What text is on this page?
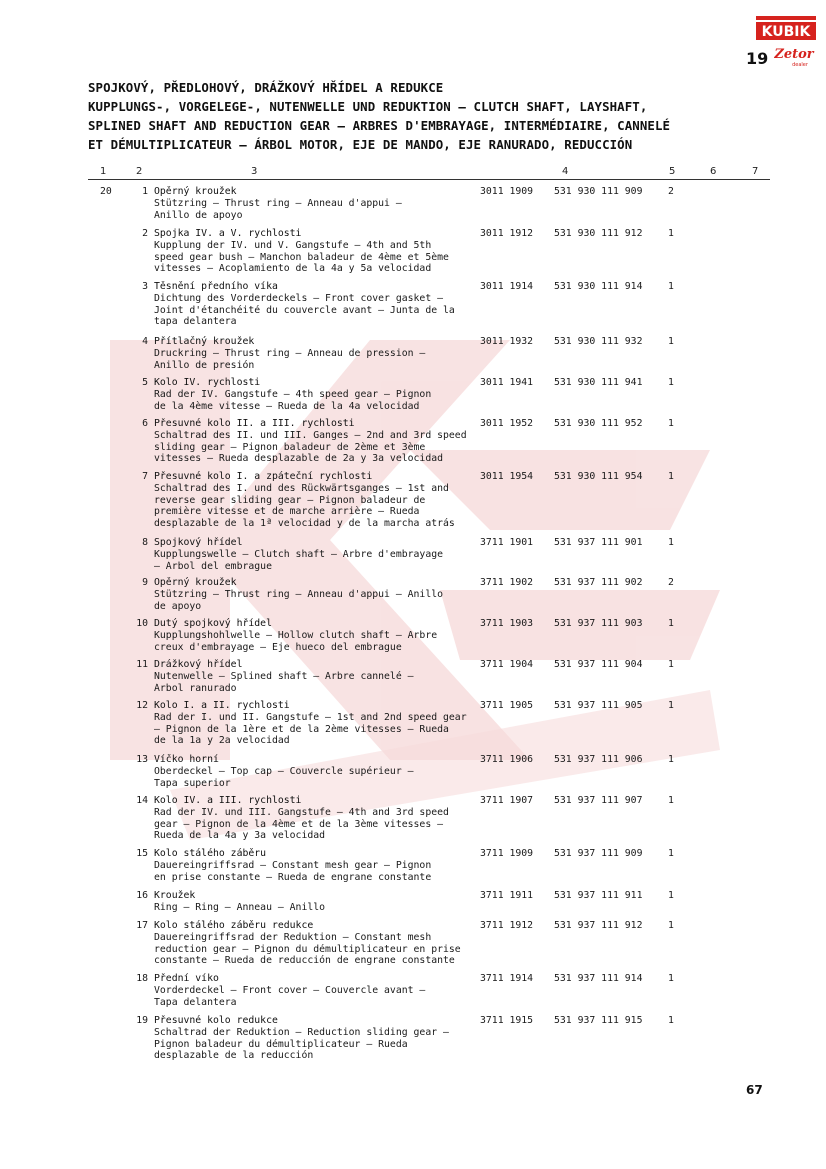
KUBIK
Zetor
dealer
19
SPOJKOVÝ, PŘEDLOHOVÝ, DRÁŽKOVÝ HŘÍDEL A REDUKCE
KUPPLUNGS-, VORGELEGE-, NUTENWELLE UND REDUKTION — CLUTCH SHAFT, LAYSHAFT,
SPLINED SHAFT AND REDUCTION GEAR — ARBRES D'EMBRAYAGE, INTERMÉDIAIRE, CANNELÉ
ET DÉMULTIPLICATEUR — ÁRBOL MOTOR, EJE DE MANDO, EJE RANURADO, REDUCCIÓN
1	2	3	4	5	6	7
20	1 Opěrný kroužek
Stützring — Thrust ring — Anneau d'appui —
Anillo de apoyo
3011 1909 531 930 111 909	2
2 Spojka IV. a V. rychlosti
Kupplung der IV. und V. Gangstufe — 4th and 5th
speed gear bush — Manchon baladeur de 4ème et 5ème
vitesses — Acoplamiento de la 4a y 5a velocidad
3011 1912 531 930 111 912	1
3 Těsnění předního víka
Dichtung des Vorderdeckels — Front cover gasket —
Joint d'étanchéité du couvercle avant — Junta de la
tapa delantera
3011 1914 531 930 111 914	1
4 Přítlačný kroužek
Druckring — Thrust ring — Anneau de pression —
Anillo de presión
3011 1932 531 930 111 932	1
5 Kolo IV. rychlosti
Rad der IV. Gangstufe — 4th speed gear — Pignon
de la 4ème vitesse — Rueda de la 4a velocidad
3011 1941 531 930 111 941	1
6 Přesuvné kolo II. a III. rychlosti
Schaltrad des II. und III. Ganges — 2nd and 3rd speed
sliding gear — Pignon baladeur de 2ème et 3ème
vitesses — Rueda desplazable de 2a y 3a velocidad
3011 1952 531 930 111 952	1
7 Přesuvné kolo I. a zpáteční rychlosti
Schaltrad des I. und des Rückwärtsganges — 1st and
reverse gear sliding gear — Pignon baladeur de
première vitesse et de marche arrière — Rueda
desplazable de la 1ª velocidad y de la marcha atrás
3011 1954 531 930 111 954	1
8 Spojkový hřídel
Kupplungswelle — Clutch shaft — Arbre d'embrayage
— Árbol del embrague
3711 1901 531 937 111 901	1
9 Opěrný kroužek
Stützring — Thrust ring — Anneau d'appui — Anillo
de apoyo
3711 1902 531 937 111 902	2
10 Dutý spojkový hřídel
Kupplungshohlwelle — Hollow clutch shaft — Arbre
creux d'embrayage — Eje hueco del embrague
3711 1903 531 937 111 903	1
11 Drážkový hřídel
Nutenwelle — Splined shaft — Arbre cannelé —
Árbol ranurado
3711 1904 531 937 111 904	1
12 Kolo I. a II. rychlosti
Rad der I. und II. Gangstufe — 1st and 2nd speed gear
— Pignon de la 1ère et de la 2ème vitesses — Rueda
de la 1a y 2a velocidad
3711 1905 531 937 111 905	1
13 Víčko horní
Oberdeckel — Top cap — Couvercle supérieur —
Tapa superior
3711 1906 531 937 111 906	1
14 Kolo IV. a III. rychlosti
Rad der IV. und III. Gangstufe — 4th and 3rd speed
gear — Pignon de la 4ème et de la 3ème vitesses —
Rueda de la 4a y 3a velocidad
3711 1907 531 937 111 907	1
15 Kolo stálého záběru
Dauereingriffsrad — Constant mesh gear — Pignon
en prise constante — Rueda de engrane constante
3711 1909 531 937 111 909	1
16 Kroužek
Ring — Ring — Anneau — Anillo
3711 1911 531 937 111 911	1
17 Kolo stálého záběru redukce
Dauereingriffsrad der Reduktion — Constant mesh
reduction gear — Pignon du démultiplicateur en prise
constante — Rueda de reducción de engrane constante
3711 1912 531 937 111 912	1
18 Přední víko
Vorderdeckel — Front cover — Couvercle avant —
Tapa delantera
3711 1914 531 937 111 914	1
19 Přesuvné kolo redukce
Schaltrad der Reduktion — Reduction sliding gear —
Pignon baladeur du démultiplicateur — Rueda
desplazable de la reducción
3711 1915 531 937 111 915	1
67
